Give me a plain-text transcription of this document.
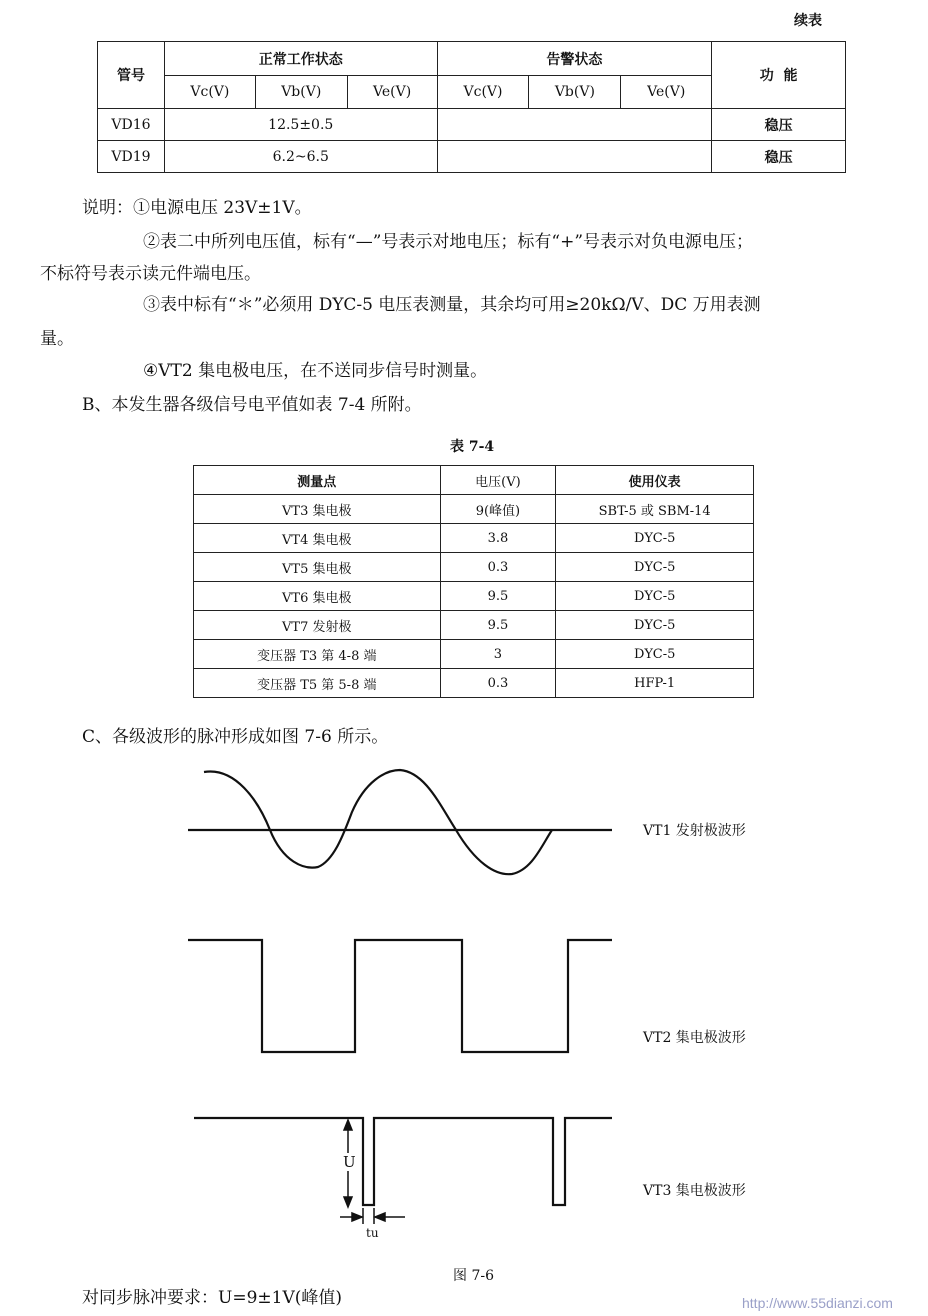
续表
管号	正常工作状态			告警状态			功  能
	Vc(V)	Vb(V)	Ve(V)	Vc(V)	Vb(V)	Ve(V)	
VD16	12.5±0.5						稳压
VD19	6.2~6.5						稳压
说明：①电源电压 23V±1V。
②表二中所列电压值，标有“—”号表示对地电压；标有“+”号表示对负电源电压；
不标符号表示读元件端电压。
③表中标有“＊”必须用 DYC-5 电压表测量，其余均可用≥20kΩ/V、DC 万用表测
量。
④VT2 集电极电压，在不送同步信号时测量。
B、本发生器各级信号电平值如表 7-4 所附。
表 7-4
测量点	电压(V)	使用仪表
VT3 集电极	9(峰值)	SBT-5 或 SBM-14
VT4 集电极	3.8	DYC-5
VT5 集电极	0.3	DYC-5
VT6 集电极	9.5	DYC-5
VT7 发射极	9.5	DYC-5
变压器 T3 第 4-8 端	3	DYC-5
变压器 T5 第 5-8 端	0.3	HFP-1
C、各级波形的脉冲形成如图 7-6 所示。
U
tu
VT1 发射极波形
VT2 集电极波形
VT3 集电极波形
图 7-6
对同步脉冲要求：U=9±1V(峰值)	http://www.55dianzi.com
